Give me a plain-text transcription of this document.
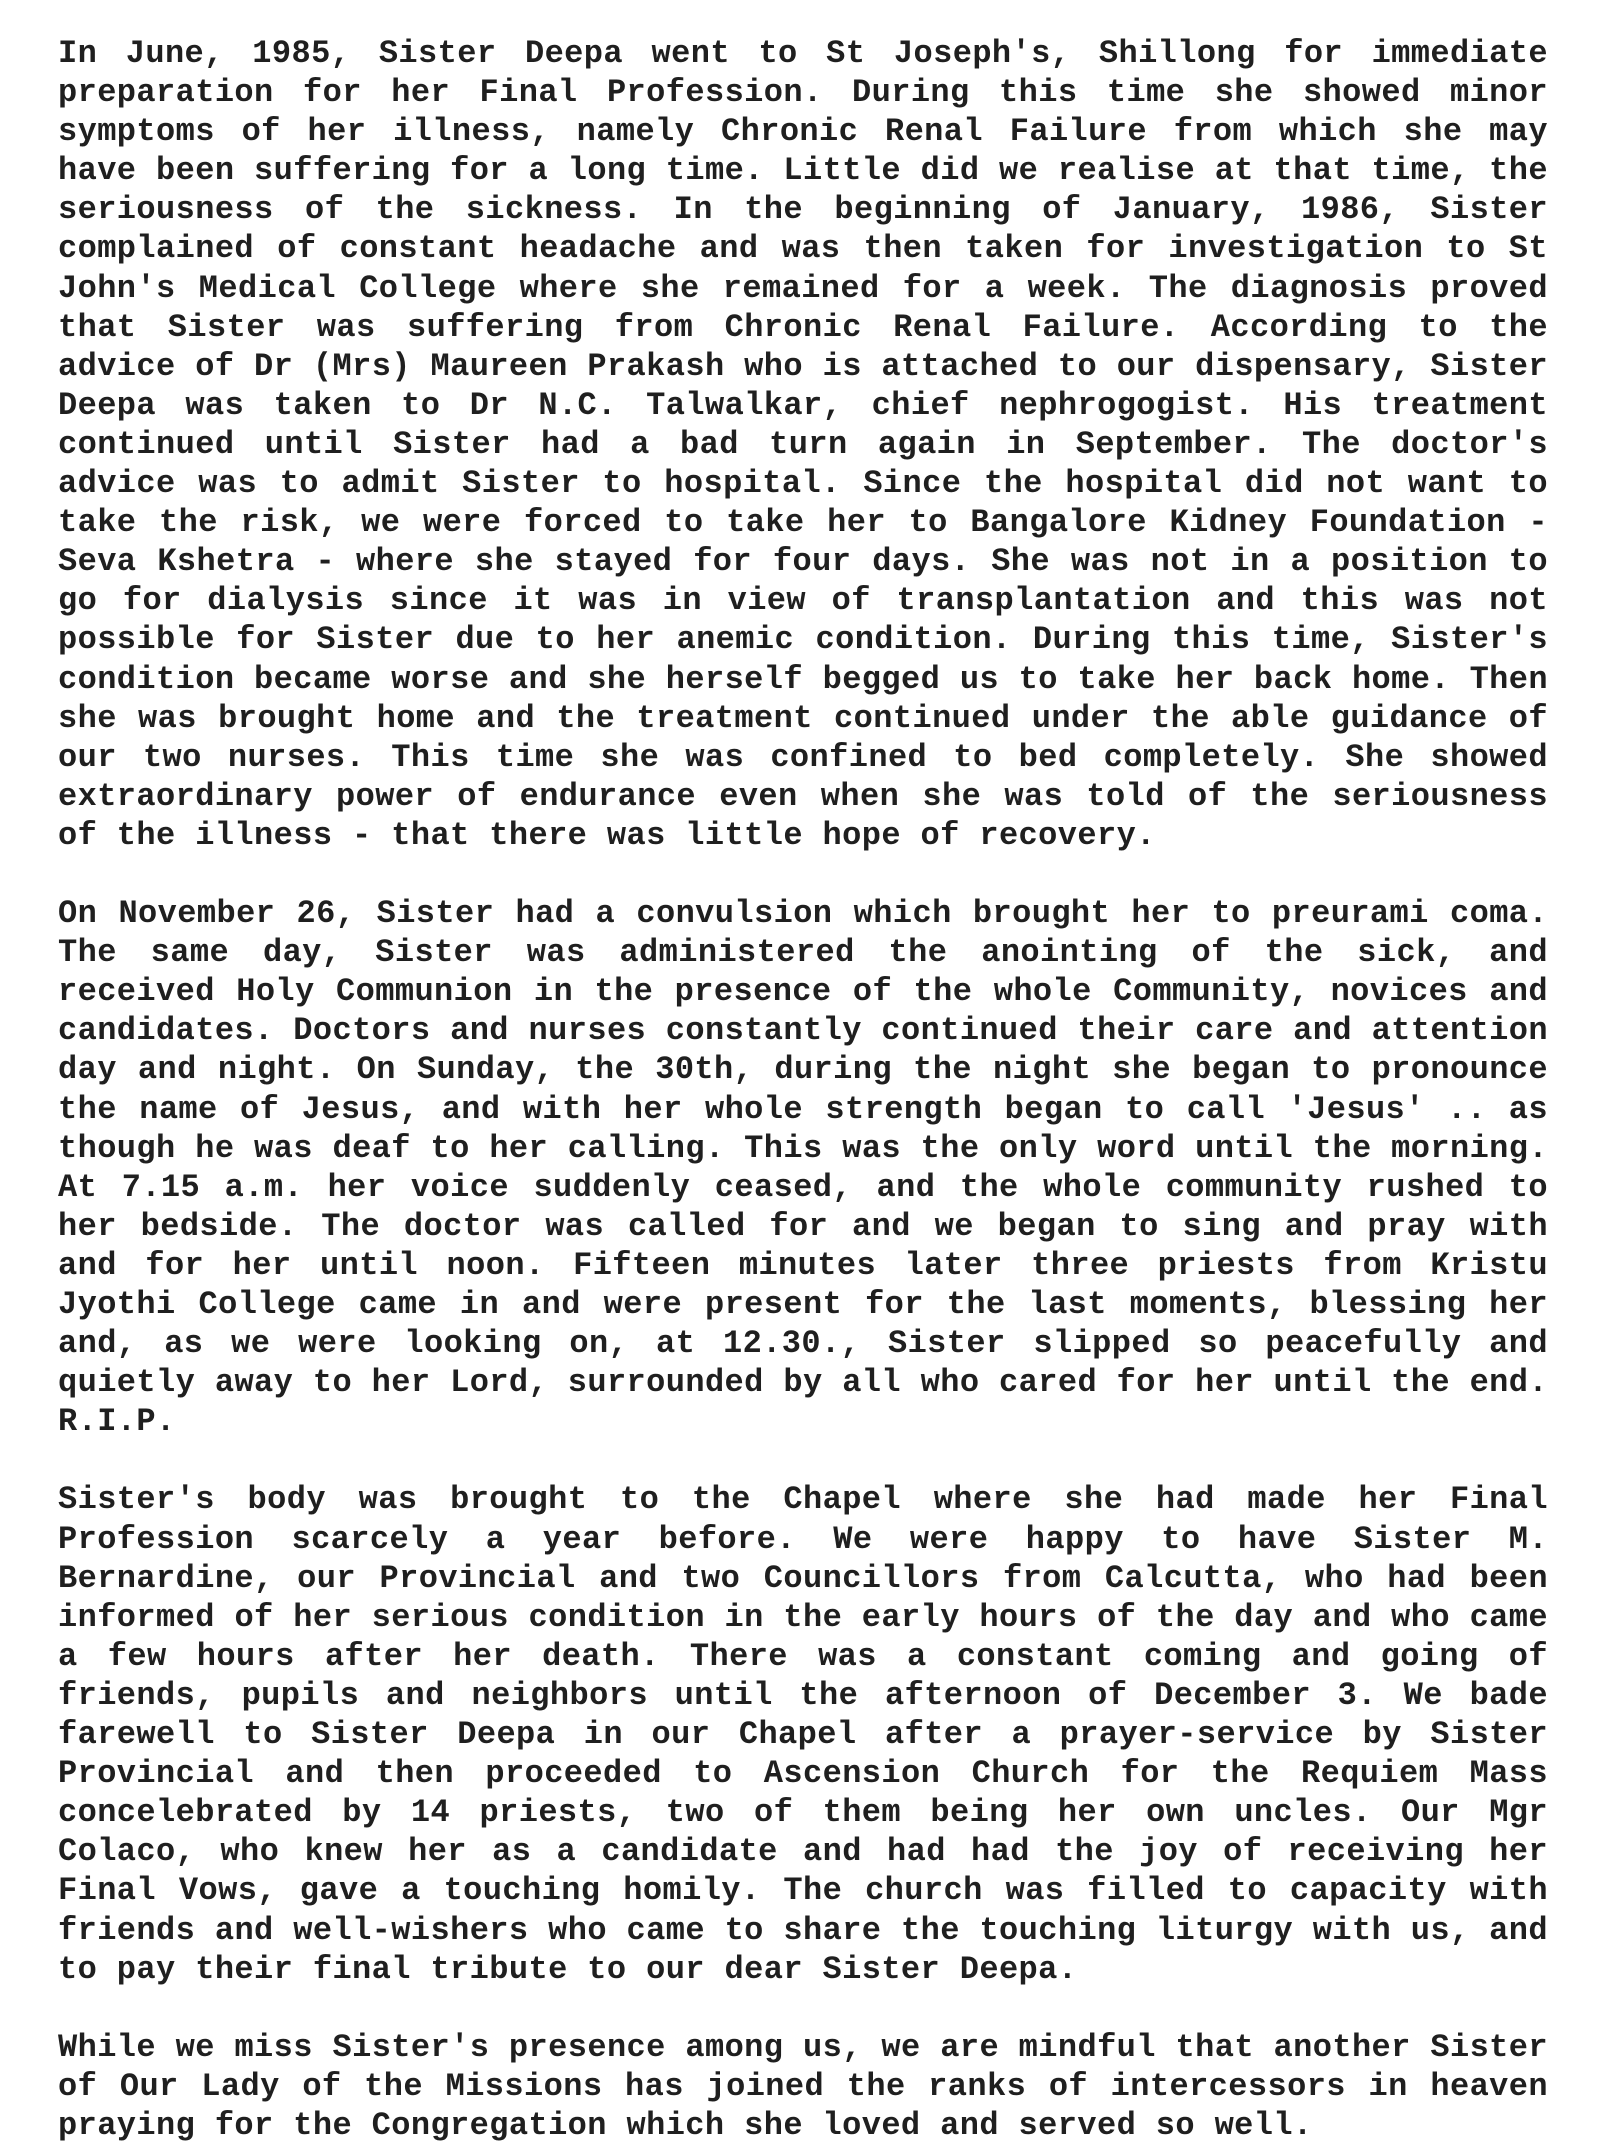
In June, 1985, Sister Deepa went to St Joseph's, Shillong for immediate preparation for her Final Profession. During this time she showed minor symptoms of her illness, namely Chronic Renal Failure from which she may have been suffering for a long time. Little did we realise at that time, the seriousness of the sickness. In the beginning of January, 1986, Sister complained of constant headache and was then taken for investigation to St John's Medical College where she remained for a week. The diagnosis proved that Sister was suffering from Chronic Renal Failure. According to the advice of Dr (Mrs) Maureen Prakash who is attached to our dispensary, Sister Deepa was taken to Dr N.C. Talwalkar, chief nephrogogist. His treatment continued until Sister had a bad turn again in September. The doctor's advice was to admit Sister to hospital. Since the hospital did not want to take the risk, we were forced to take her to Bangalore Kidney Foundation - Seva Kshetra - where she stayed for four days. She was not in a position to go for dialysis since it was in view of transplantation and this was not possible for Sister due to her anemic condition. During this time, Sister's condition became worse and she herself begged us to take her back home. Then she was brought home and the treatment continued under the able guidance of our two nurses. This time she was confined to bed completely. She showed extraordinary power of endurance even when she was told of the seriousness of the illness - that there was little hope of recovery.

On November 26, Sister had a convulsion which brought her to preurami coma. The same day, Sister was administered the anointing of the sick, and received Holy Communion in the presence of the whole Community, novices and candidates. Doctors and nurses constantly continued their care and attention day and night. On Sunday, the 30th, during the night she began to pronounce the name of Jesus, and with her whole strength began to call 'Jesus' .. as though he was deaf to her calling. This was the only word until the morning. At 7.15 a.m. her voice suddenly ceased, and the whole community rushed to her bedside. The doctor was called for and we began to sing and pray with and for her until noon. Fifteen minutes later three priests from Kristu Jyothi College came in and were present for the last moments, blessing her and, as we were looking on, at 12.30., Sister slipped so peacefully and quietly away to her Lord, surrounded by all who cared for her until the end. R.I.P.

Sister's body was brought to the Chapel where she had made her Final Profession scarcely a year before. We were happy to have Sister M. Bernardine, our Provincial and two Councillors from Calcutta, who had been informed of her serious condition in the early hours of the day and who came a few hours after her death. There was a constant coming and going of friends, pupils and neighbors until the afternoon of December 3. We bade farewell to Sister Deepa in our Chapel after a prayer-service by Sister Provincial and then proceeded to Ascension Church for the Requiem Mass concelebrated by 14 priests, two of them being her own uncles. Our Mgr Colaco, who knew her as a candidate and had had the joy of receiving her Final Vows, gave a touching homily. The church was filled to capacity with friends and well-wishers who came to share the touching liturgy with us, and to pay their final tribute to our dear Sister Deepa.

While we miss Sister's presence among us, we are mindful that another Sister of Our Lady of the Missions has joined the ranks of intercessors in heaven praying for the Congregation which she loved and served so well.
